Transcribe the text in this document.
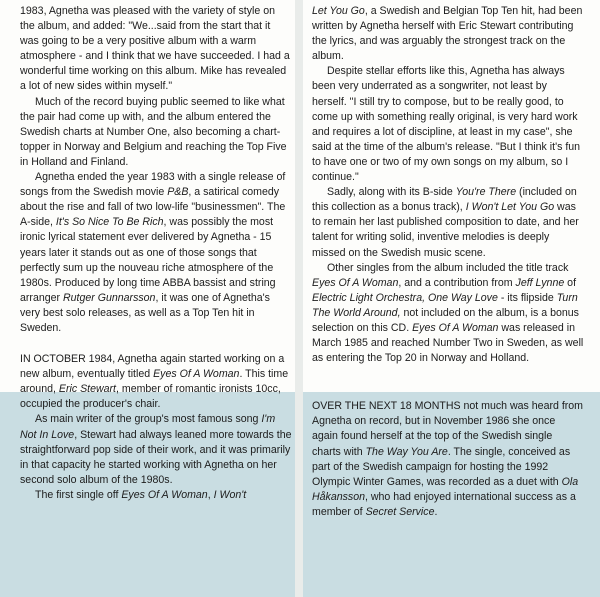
1983, Agnetha was pleased with the variety of style on the album, and added: "We...said from the start that it was going to be a very positive album with a warm atmosphere - and I think that we have succeeded. I had a wonderful time working on this album. Mike has revealed a lot of new sides within myself."

Much of the record buying public seemed to like what the pair had come up with, and the album entered the Swedish charts at Number One, also becoming a chart-topper in Norway and Belgium and reaching the Top Five in Holland and Finland.

Agnetha ended the year 1983 with a single release of songs from the Swedish movie P&B, a satirical comedy about the rise and fall of two low-life "businessmen". The A-side, It's So Nice To Be Rich, was possibly the most ironic lyrical statement ever delivered by Agnetha - 15 years later it stands out as one of those songs that perfectly sum up the nouveau riche atmosphere of the 1980s. Produced by long time ABBA bassist and string arranger Rutger Gunnarsson, it was one of Agnetha's very best solo releases, as well as a Top Ten hit in Sweden.

IN OCTOBER 1984, Agnetha again started working on a new album, eventually titled Eyes Of A Woman. This time around, Eric Stewart, member of romantic ironists 10cc, occupied the producer's chair.

As main writer of the group's most famous song I'm Not In Love, Stewart had always leaned more towards the straightforward pop side of their work, and it was primarily in that capacity he started working with Agnetha on her second solo album of the 1980s.

The first single off Eyes Of A Woman, I Won't

Let You Go, a Swedish and Belgian Top Ten hit, had been written by Agnetha herself with Eric Stewart contributing the lyrics, and was arguably the strongest track on the album.

Despite stellar efforts like this, Agnetha has always been very underrated as a songwriter, not least by herself. "I still try to compose, but to be really good, to come up with something really original, is very hard work and requires a lot of discipline, at least in my case", she said at the time of the album's release. "But I think it's fun to have one or two of my own songs on my album, so I continue."

Sadly, along with its B-side You're There (included on this collection as a bonus track), I Won't Let You Go was to remain her last published composition to date, and her talent for writing solid, inventive melodies is deeply missed on the Swedish music scene.

Other singles from the album included the title track Eyes Of A Woman, and a contribution from Jeff Lynne of Electric Light Orchestra, One Way Love - its flipside Turn The World Around, not included on the album, is a bonus selection on this CD. Eyes Of A Woman was released in March 1985 and reached Number Two in Sweden, as well as entering the Top 20 in Norway and Holland.

OVER THE NEXT 18 MONTHS not much was heard from Agnetha on record, but in November 1986 she once again found herself at the top of the Swedish single charts with The Way You Are. The single, conceived as part of the Swedish campaign for hosting the 1992 Olympic Winter Games, was recorded as a duet with Ola Håkansson, who had enjoyed international success as a member of Secret Service.
